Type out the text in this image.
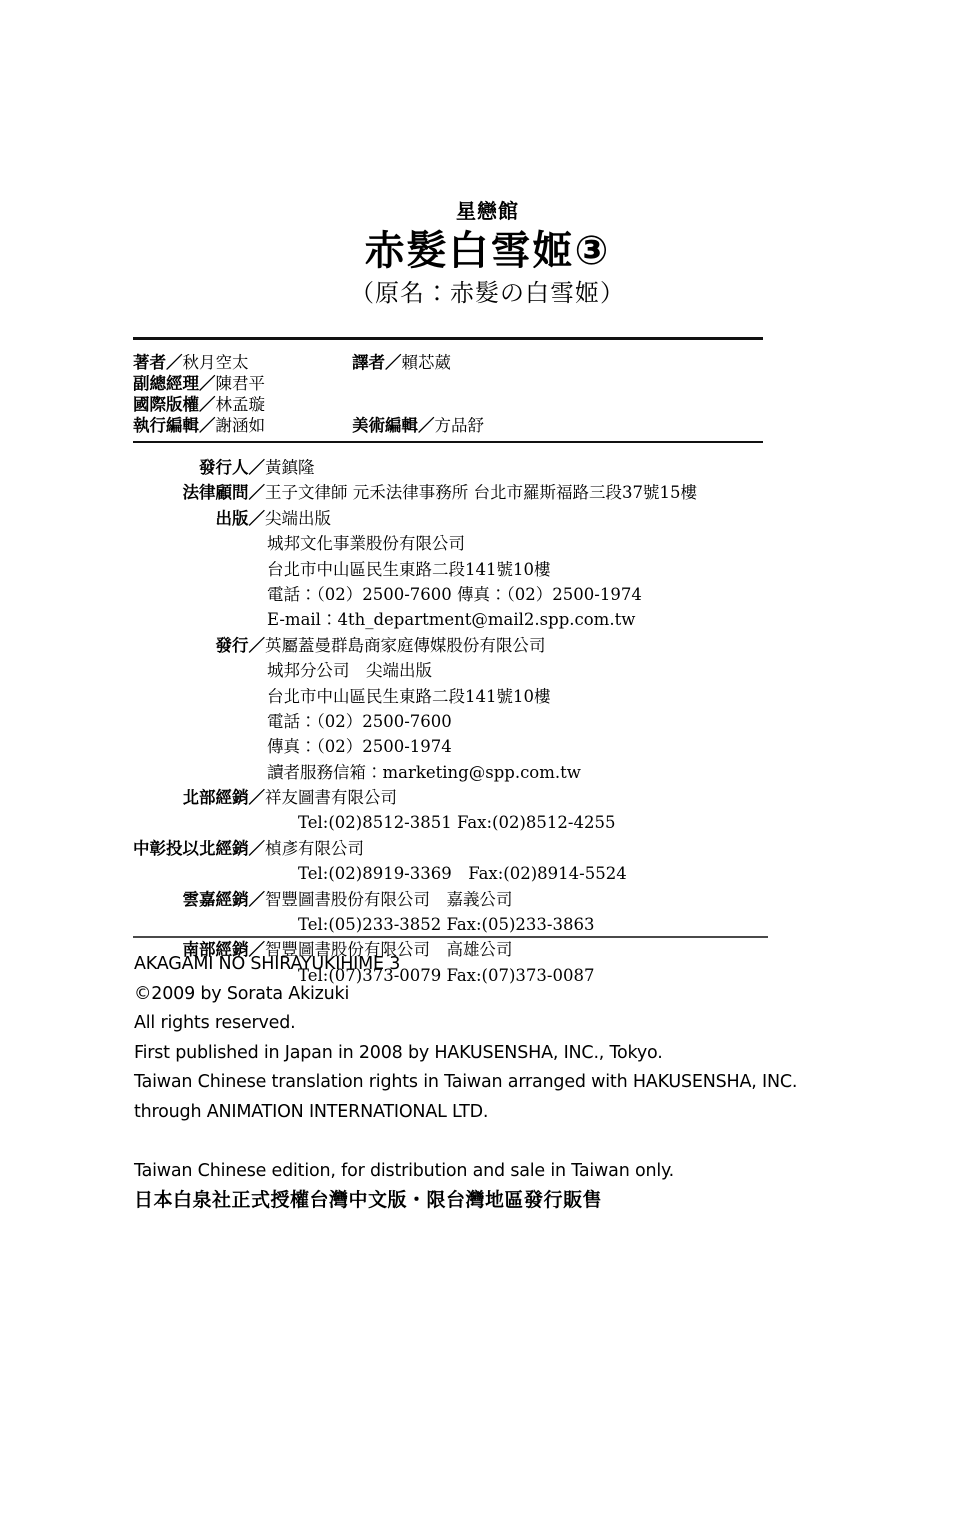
星戀館
赤髮白雪姬③
（原名：赤髮の白雪姬）
著者／秋月空太	譯者／賴芯葳
副總經理／陳君平
國際版權／林孟璇
執行編輯／謝涵如	美術編輯／方品舒
發行人／黃鎮隆
法律顧問／王子文律師 元禾法律事務所 台北市羅斯福路三段37號15樓
出版／尖端出版
城邦文化事業股份有限公司
台北市中山區民生東路二段141號10樓
電話：（02）2500-7600 傳真：（02）2500-1974
E-mail：4th_department@mail2.spp.com.tw
發行／英屬蓋曼群島商家庭傳媒股份有限公司
城邦分公司　尖端出版
台北市中山區民生東路二段141號10樓
電話：（02）2500-7600
傳真：（02）2500-1974
讀者服務信箱：marketing@spp.com.tw
北部經銷／祥友圖書有限公司
Tel:(02)8512-3851 Fax:(02)8512-4255
中彰投以北經銷／楨彥有限公司
Tel:(02)8919-3369　Fax:(02)8914-5524
雲嘉經銷／智豐圖書股份有限公司　嘉義公司
Tel:(05)233-3852 Fax:(05)233-3863
南部經銷／智豐圖書股份有限公司　高雄公司
Tel:(07)373-0079 Fax:(07)373-0087
AKAGAMI NO SHIRAYUKIHIME 3
©2009 by Sorata Akizuki
All rights reserved.
First published in Japan in 2008 by HAKUSENSHA, INC., Tokyo.
Taiwan Chinese translation rights in Taiwan arranged with HAKUSENSHA, INC.
through ANIMATION INTERNATIONAL LTD.
Taiwan Chinese edition, for distribution and sale in Taiwan only.
日本白泉社正式授權台灣中文版・限台灣地區發行販售
